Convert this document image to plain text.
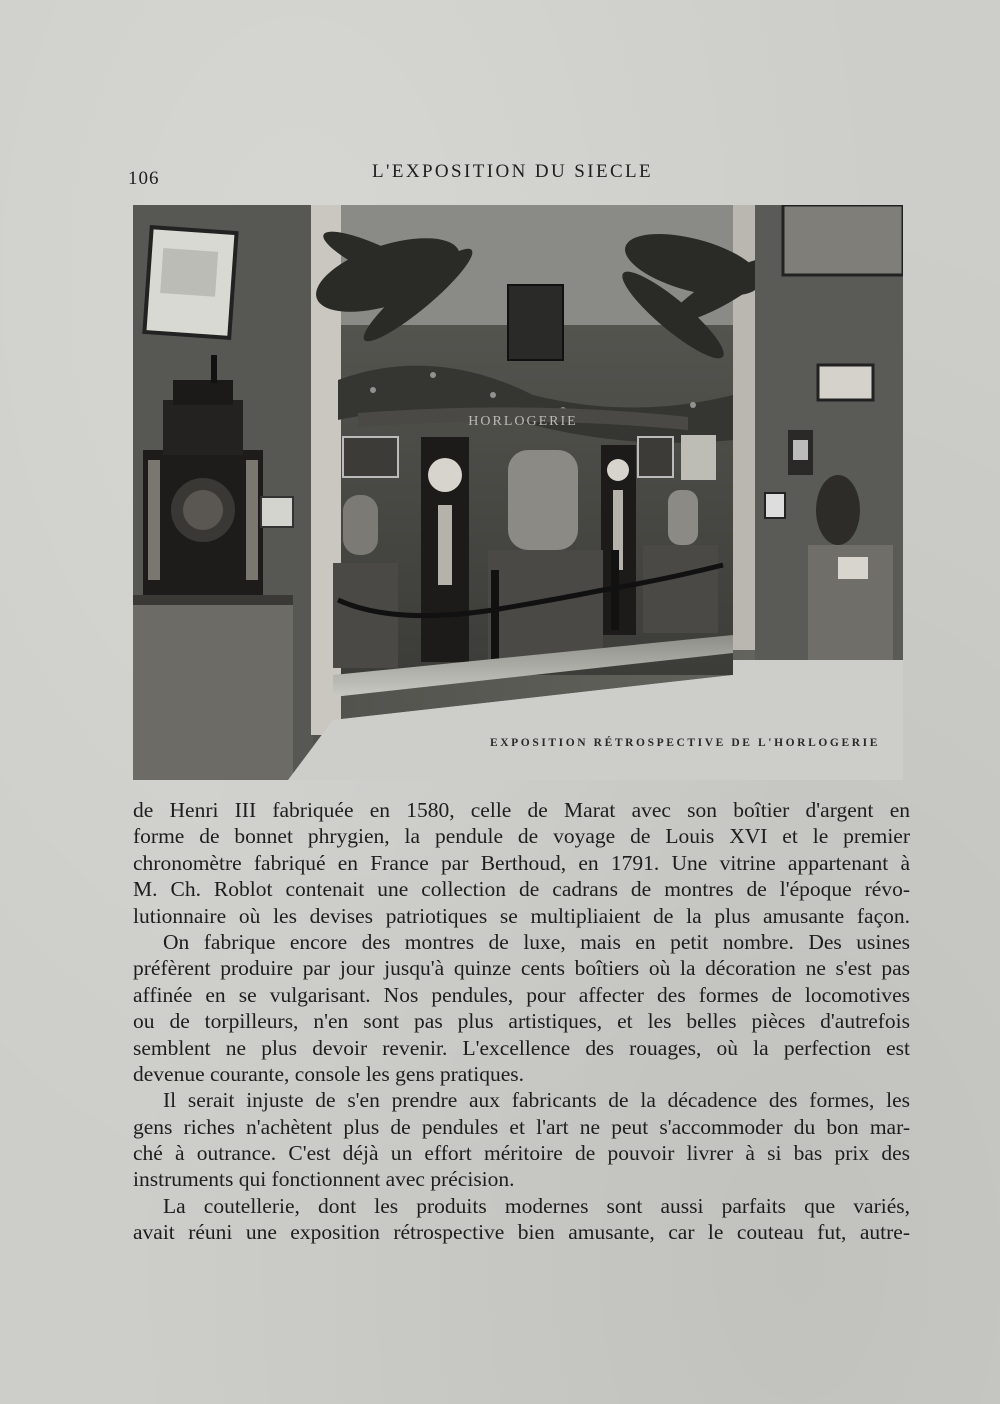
106	L'EXPOSITION DU SIECLE
HORLOGERIE
EXPOSITION RÉTROSPECTIVE DE L'HORLOGERIE
de Henri III fabriquée en 1580, celle de Marat avec son boîtier d'argent en
forme de bonnet phrygien, la pendule de voyage de Louis XVI et le premier
chronomètre fabriqué en France par Berthoud, en 1791. Une vitrine appartenant à
M. Ch. Roblot contenait une collection de cadrans de montres de l'époque révo-
lutionnaire où les devises patriotiques se multipliaient de la plus amusante façon.
On fabrique encore des montres de luxe, mais en petit nombre. Des usines
préfèrent produire par jour jusqu'à quinze cents boîtiers où la décoration ne s'est pas
affinée en se vulgarisant. Nos pendules, pour affecter des formes de locomotives
ou de torpilleurs, n'en sont pas plus artistiques, et les belles pièces d'autrefois
semblent ne plus devoir revenir. L'excellence des rouages, où la perfection est
devenue courante, console les gens pratiques.
Il serait injuste de s'en prendre aux fabricants de la décadence des formes, les
gens riches n'achètent plus de pendules et l'art ne peut s'accommoder du bon mar-
ché à outrance. C'est déjà un effort méritoire de pouvoir livrer à si bas prix des
instruments qui fonctionnent avec précision.
La coutellerie, dont les produits modernes sont aussi parfaits que variés,
avait réuni une exposition rétrospective bien amusante, car le couteau fut, autre-
